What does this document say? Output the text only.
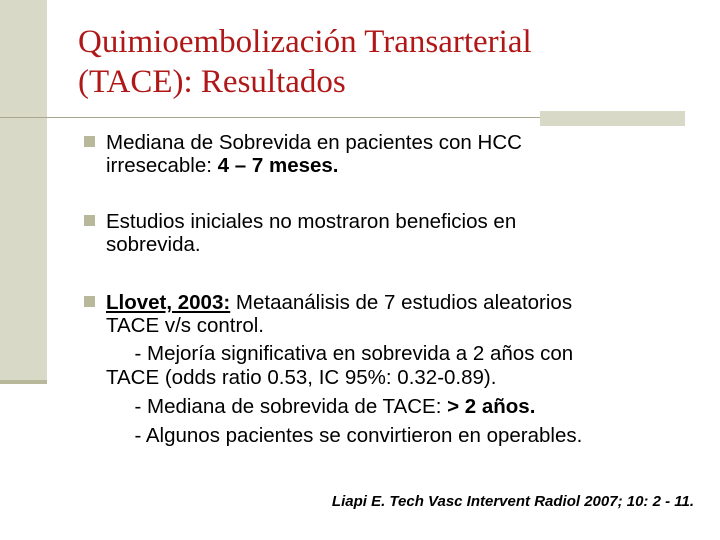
Quimioembolización Transarterial
(TACE): Resultados
Mediana de Sobrevida en pacientes con HCC
irresecable: 4 – 7 meses.
Estudios iniciales no mostraron beneficios en
sobrevida.
Llovet, 2003: Metaanálisis de 7 estudios aleatorios
TACE v/s control.
- Mejoría significativa en sobrevida a 2 años con
TACE (odds ratio 0.53, IC 95%: 0.32-0.89).
- Mediana de sobrevida de TACE: > 2 años.
- Algunos pacientes se convirtieron en operables.
Liapi E. Tech Vasc Intervent Radiol 2007; 10: 2 - 11.
